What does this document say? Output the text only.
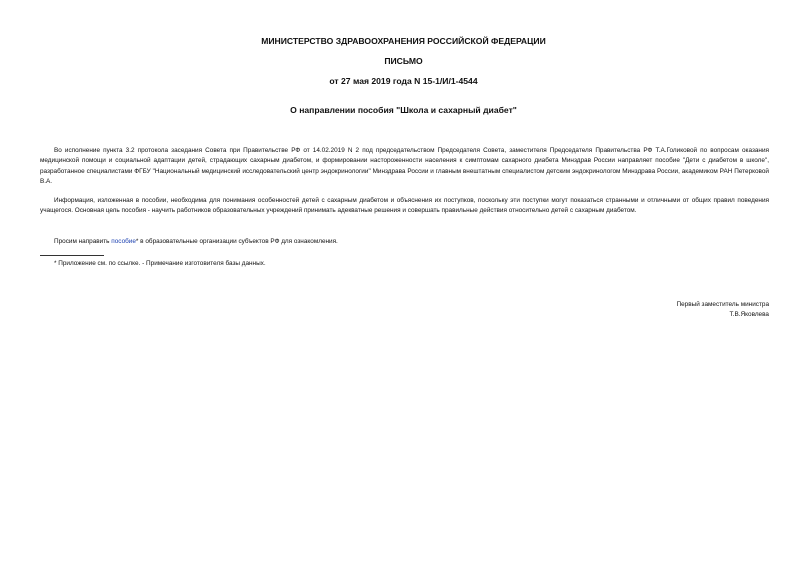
МИНИСТЕРСТВО ЗДРАВООХРАНЕНИЯ РОССИЙСКОЙ ФЕДЕРАЦИИ
ПИСЬМО
от 27 мая 2019 года N 15-1/И/1-4544
О направлении пособия "Школа и сахарный диабет"
Во исполнение пункта 3.2 протокола заседания Совета при Правительстве РФ от 14.02.2019 N 2 под председательством Председателя Совета, заместителя Председателя Правительства РФ Т.А.Голиковой по вопросам оказания медицинской помощи и социальной адаптации детей, страдающих сахарным диабетом, и формировании настороженности населения к симптомам сахарного диабета Минздрав России направляет пособие "Дети с диабетом в школе", разработанное специалистами ФГБУ "Национальный медицинский исследовательский центр эндокринологии" Минздрава России и главным внештатным специалистом детским эндокринологом Минздрава России, академиком РАН Петерковой В.А.
Информация, изложенная в пособии, необходима для понимания особенностей детей с сахарным диабетом и объяснения их поступков, поскольку эти поступки могут показаться странными и отличными от общих правил поведения учащегося. Основная цель пособия - научить работников образовательных учреждений принимать адекватные решения и совершать правильные действия относительно детей с сахарным диабетом.
Просим направить пособие* в образовательные организации субъектов РФ для ознакомления.
* Приложение см. по ссылке. - Примечание изготовителя базы данных.
Первый заместитель министра
Т.В.Яковлева
